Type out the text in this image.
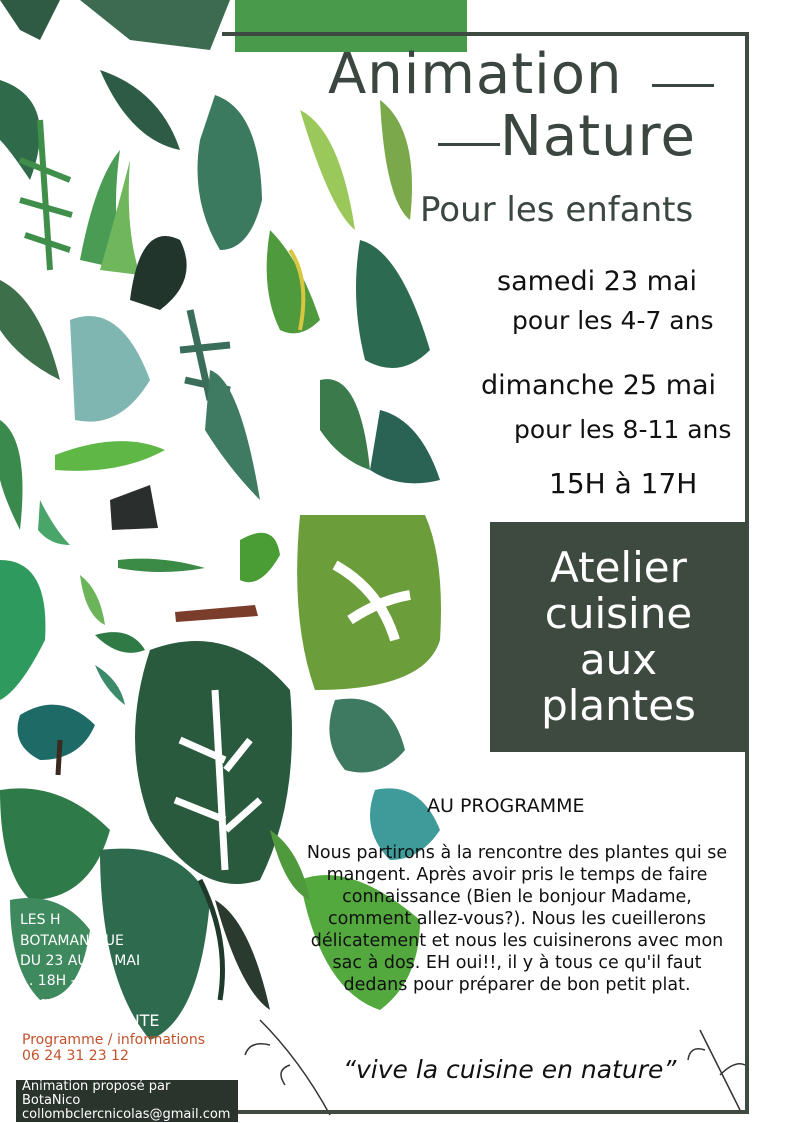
Animation
Nature
Pour les enfants
samedi 23 mai
pour les 4-7 ans
dimanche 25 mai
pour les 8-11 ans
15H à 17H
Atelier
cuisine
aux
plantes
AU PROGRAMME
Nous partirons à la rencontre des plantes qui se mangent. Après avoir pris le temps de faire connaissance (Bien le bonjour Madame, comment allez-vous?). Nous les cueillerons délicatement et nous les cuisinerons avec mon sac à dos. EH oui!!, il y à tous ce qu'il faut dedans pour préparer de bon petit plat.
“vive la cuisine en nature”
LES H
BOTAMANIQUE
DU 23 AU 25 MAI
... 18H - ...
Organisé par
TERRE D'ECOUTE
Programme / informations
06 24 31 23 12
Animation proposé par
BotaNico
collombclercnicolas@gmail.com
